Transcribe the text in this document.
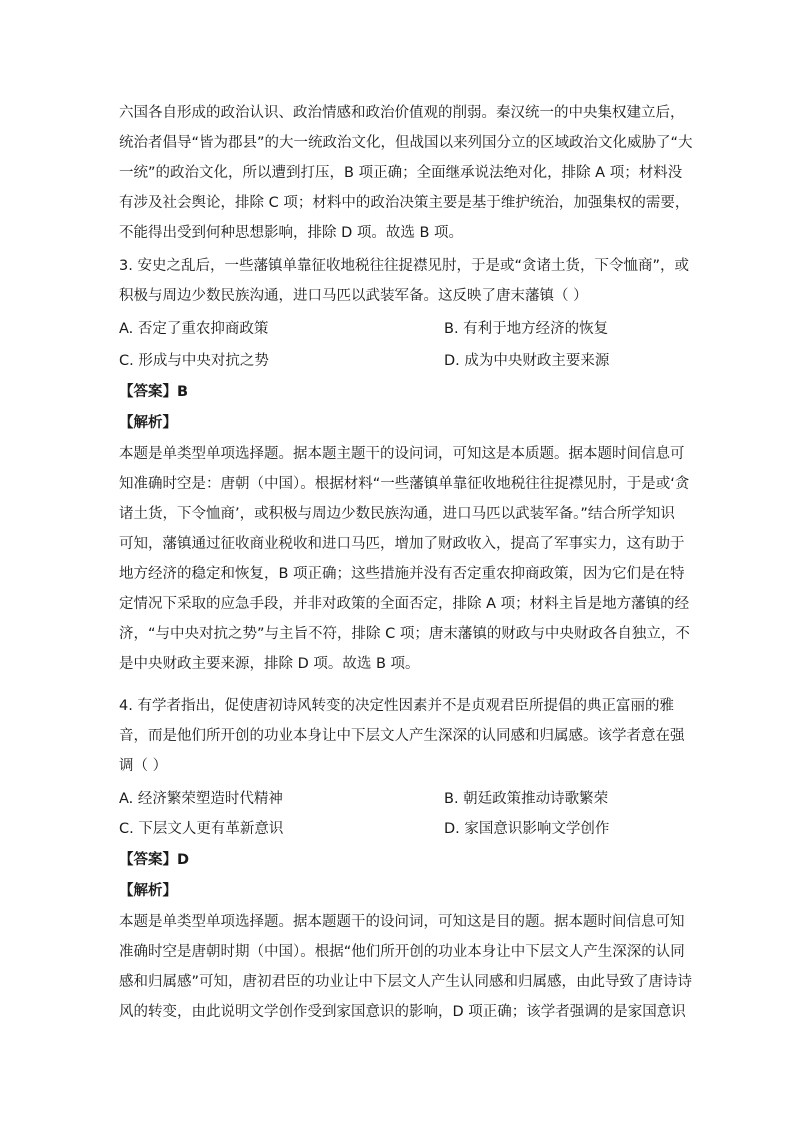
六国各自形成的政治认识、政治情感和政治价值观的削弱。秦汉统一的中央集权建立后，
统治者倡导“皆为郡县”的大一统政治文化，但战国以来列国分立的区域政治文化威胁了“大
一统”的政治文化，所以遭到打压，B 项正确；全面继承说法绝对化，排除 A 项；材料没
有涉及社会舆论，排除 C 项；材料中的政治决策主要是基于维护统治，加强集权的需要，
不能得出受到何种思想影响，排除 D 项。故选 B 项。
3. 安史之乱后，一些藩镇单靠征收地税往往捉襟见肘，于是或“贪诸土货，下令恤商”，或
积极与周边少数民族沟通，进口马匹以武装军备。这反映了唐末藩镇（ ）
A. 否定了重农抑商政策	B. 有利于地方经济的恢复
C. 形成与中央对抗之势	D. 成为中央财政主要来源
【答案】B
【解析】
本题是单类型单项选择题。据本题主题干的设问词，可知这是本质题。据本题时间信息可
知准确时空是：唐朝（中国）。根据材料“一些藩镇单靠征收地税往往捉襟见肘，于是或‘贪
诸土货，下令恤商’，或积极与周边少数民族沟通，进口马匹以武装军备。”结合所学知识
可知，藩镇通过征收商业税收和进口马匹，增加了财政收入，提高了军事实力，这有助于
地方经济的稳定和恢复，B 项正确；这些措施并没有否定重农抑商政策，因为它们是在特
定情况下采取的应急手段，并非对政策的全面否定，排除 A 项；材料主旨是地方藩镇的经
济，“与中央对抗之势”与主旨不符，排除 C 项；唐末藩镇的财政与中央财政各自独立，不
是中央财政主要来源，排除 D 项。故选 B 项。
4. 有学者指出，促使唐初诗风转变的决定性因素并不是贞观君臣所提倡的典正富丽的雅
音，而是他们所开创的功业本身让中下层文人产生深深的认同感和归属感。该学者意在强
调（ ）
A. 经济繁荣塑造时代精神	B. 朝廷政策推动诗歌繁荣
C. 下层文人更有革新意识	D. 家国意识影响文学创作
【答案】D
【解析】
本题是单类型单项选择题。据本题题干的设问词，可知这是目的题。据本题时间信息可知
准确时空是唐朝时期（中国）。根据“他们所开创的功业本身让中下层文人产生深深的认同
感和归属感”可知，唐初君臣的功业让中下层文人产生认同感和归属感，由此导致了唐诗诗
风的转变，由此说明文学创作受到家国意识的影响，D 项正确；该学者强调的是家国意识
